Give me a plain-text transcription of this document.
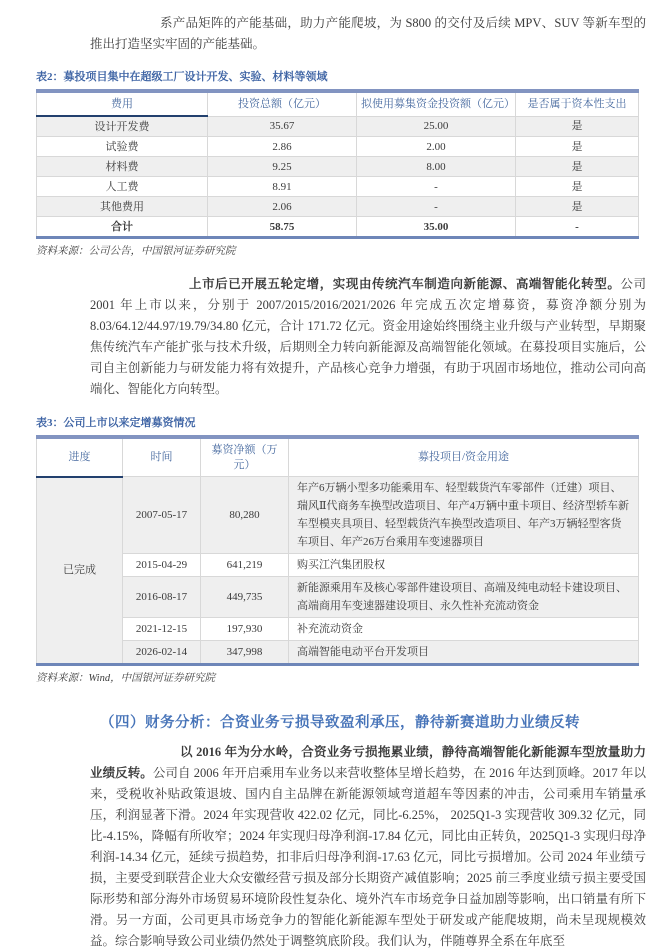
系产品矩阵的产能基础，助力产能爬坡，为 S800 的交付及后续 MPV、SUV 等新车型的推出打造坚实牢固的产能基础。

表2：募投项目集中在超级工厂设计开发、实验、材料等领域
费用	投资总额（亿元）	拟使用募集资金投资额（亿元）	是否属于资本性支出
设计开发费	35.67	25.00	是
试验费	2.86	2.00	是
材料费	9.25	8.00	是
人工费	8.91	-	是
其他费用	2.06	-	是
合计	58.75	35.00	-
资料来源：公司公告，中国银河证券研究院

上市后已开展五轮定增，实现由传统汽车制造向新能源、高端智能化转型。公司 2001 年上市以来，分别于 2007/2015/2016/2021/2026 年完成五次定增募资，募资净额分别为 8.03/64.12/44.97/19.79/34.80 亿元，合计 171.72 亿元。资金用途始终围绕主业升级与产业转型，早期聚焦传统汽车产能扩张与技术升级，后期则全力转向新能源及高端智能化领域。在募投项目实施后，公司自主创新能力与研发能力将有效提升，产品核心竞争力增强，有助于巩固市场地位，推动公司向高端化、智能化方向转型。

表3：公司上市以来定增募资情况
进度	时间	募资净额（万元）	募投项目/资金用途
已完成	2007-05-17	80,280	年产6万辆小型多功能乘用车、轻型载货汽车零部件（迁建）项目、瑞风Ⅱ代商务车换型改造项目、年产4万辆中重卡项目、经济型轿车新车型模夹具项目、轻型载货汽车换型改造项目、年产3万辆轻型客货车项目、年产26万台乘用车变速器项目
	2015-04-29	641,219	购买江汽集团股权
	2016-08-17	449,735	新能源乘用车及核心零部件建设项目、高端及纯电动轻卡建设项目、高端商用车变速器建设项目、永久性补充流动资金
	2021-12-15	197,930	补充流动资金
	2026-02-14	347,998	高端智能电动平台开发项目
资料来源：Wind，中国银河证券研究院
（四）财务分析：合资业务亏损导致盈利承压，静待新赛道助力业绩反转

以 2016 年为分水岭，合资业务亏损拖累业绩，静待高端智能化新能源车型放量助力业绩反转。公司自 2006 年开启乘用车业务以来营收整体呈增长趋势，在 2016 年达到顶峰。2017 年以来，受税收补贴政策退坡、国内自主品牌在新能源领域弯道超车等因素的冲击，公司乘用车销量承压，利润显著下滑。2024 年实现营收 422.02 亿元，同比-6.25%， 2025Q1-3 实现营收 309.32 亿元，同比-4.15%，降幅有所收窄；2024 年实现归母净利润-17.84 亿元，同比由正转负，2025Q1-3 实现归母净利润-14.34 亿元，延续亏损趋势，扣非后归母净利润-17.63 亿元，同比亏损增加。公司 2024 年业绩亏损，主要受到联营企业大众安徽经营亏损及部分长期资产减值影响；2025 前三季度业绩亏损主要受国际形势和部分海外市场贸易环境阶段性复杂化、境外汽车市场竞争日益加剧等影响，出口销量有所下滑。另一方面，公司更具市场竞争力的智能化新能源车型处于研发或产能爬坡期，尚未呈现规模效益。综合影响导致公司业绩仍然处于调整筑底阶段。我们认为，伴随尊界全系在年底至
